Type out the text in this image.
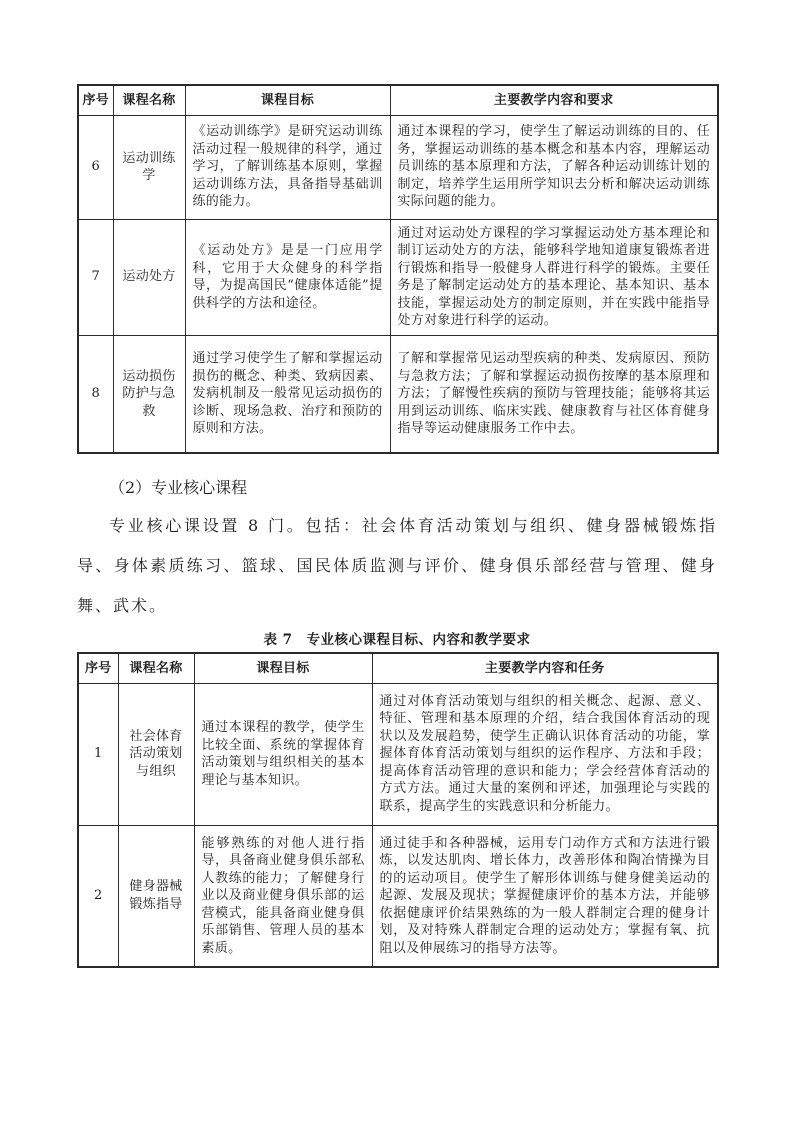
序号	课程名称	课程目标	主要教学内容和要求
6	运动训练学	《运动训练学》是研究运动训练活动过程一般规律的科学，通过学习，了解训练基本原则，掌握运动训练方法，具备指导基础训练的能力。	通过本课程的学习，使学生了解运动训练的目的、任务，掌握运动训练的基本概念和基本内容，理解运动员训练的基本原理和方法，了解各种运动训练计划的制定，培养学生运用所学知识去分析和解决运动训练实际问题的能力。
7	运动处方	《运动处方》是是一门应用学科，它用于大众健身的科学指导，为提高国民“健康体适能”提供科学的方法和途径。	通过对运动处方课程的学习掌握运动处方基本理论和制订运动处方的方法，能够科学地知道康复锻炼者进行锻炼和指导一般健身人群进行科学的锻炼。主要任务是了解制定运动处方的基本理论、基本知识、基本技能，掌握运动处方的制定原则，并在实践中能指导处方对象进行科学的运动。
8	运动损伤防护与急救	通过学习使学生了解和掌握运动损伤的概念、种类、致病因素、发病机制及一般常见运动损伤的诊断、现场急救、治疗和预防的原则和方法。	了解和掌握常见运动型疾病的种类、发病原因、预防与急救方法；了解和掌握运动损伤按摩的基本原理和方法；了解慢性疾病的预防与管理技能；能够将其运用到运动训练、临床实践、健康教育与社区体育健身指导等运动健康服务工作中去。
（2）专业核心课程

专业核心课设置 8 门。包括：社会体育活动策划与组织、健身器械锻炼指导、身体素质练习、篮球、国民体质监测与评价、健身俱乐部经营与管理、健身舞、武术。

表 7　专业核心课程目标、内容和教学要求
序号	课程名称	课程目标	主要教学内容和任务
1	社会体育活动策划与组织	通过本课程的教学，使学生比较全面、系统的掌握体育活动策划与组织相关的基本理论与基本知识。	通过对体育活动策划与组织的相关概念、起源、意义、特征、管理和基本原理的介绍，结合我国体育活动的现状以及发展趋势，使学生正确认识体育活动的功能，掌握体育体育活动策划与组织的运作程序、方法和手段；提高体育活动管理的意识和能力；学会经营体育活动的方式方法。通过大量的案例和评述，加强理论与实践的联系，提高学生的实践意识和分析能力。
2	健身器械锻炼指导	能够熟练的对他人进行指导，具备商业健身俱乐部私人教练的能力；了解健身行业以及商业健身俱乐部的运营模式，能具备商业健身俱乐部销售、管理人员的基本素质。	通过徒手和各种器械，运用专门动作方式和方法进行锻炼，以发达肌肉、增长体力，改善形体和陶冶情操为目的的运动项目。使学生了解形体训练与健身健美运动的起源、发展及现状；掌握健康评价的基本方法，并能够依据健康评价结果熟练的为一般人群制定合理的健身计划，及对特殊人群制定合理的运动处方；掌握有氧、抗阻以及伸展练习的指导方法等。
